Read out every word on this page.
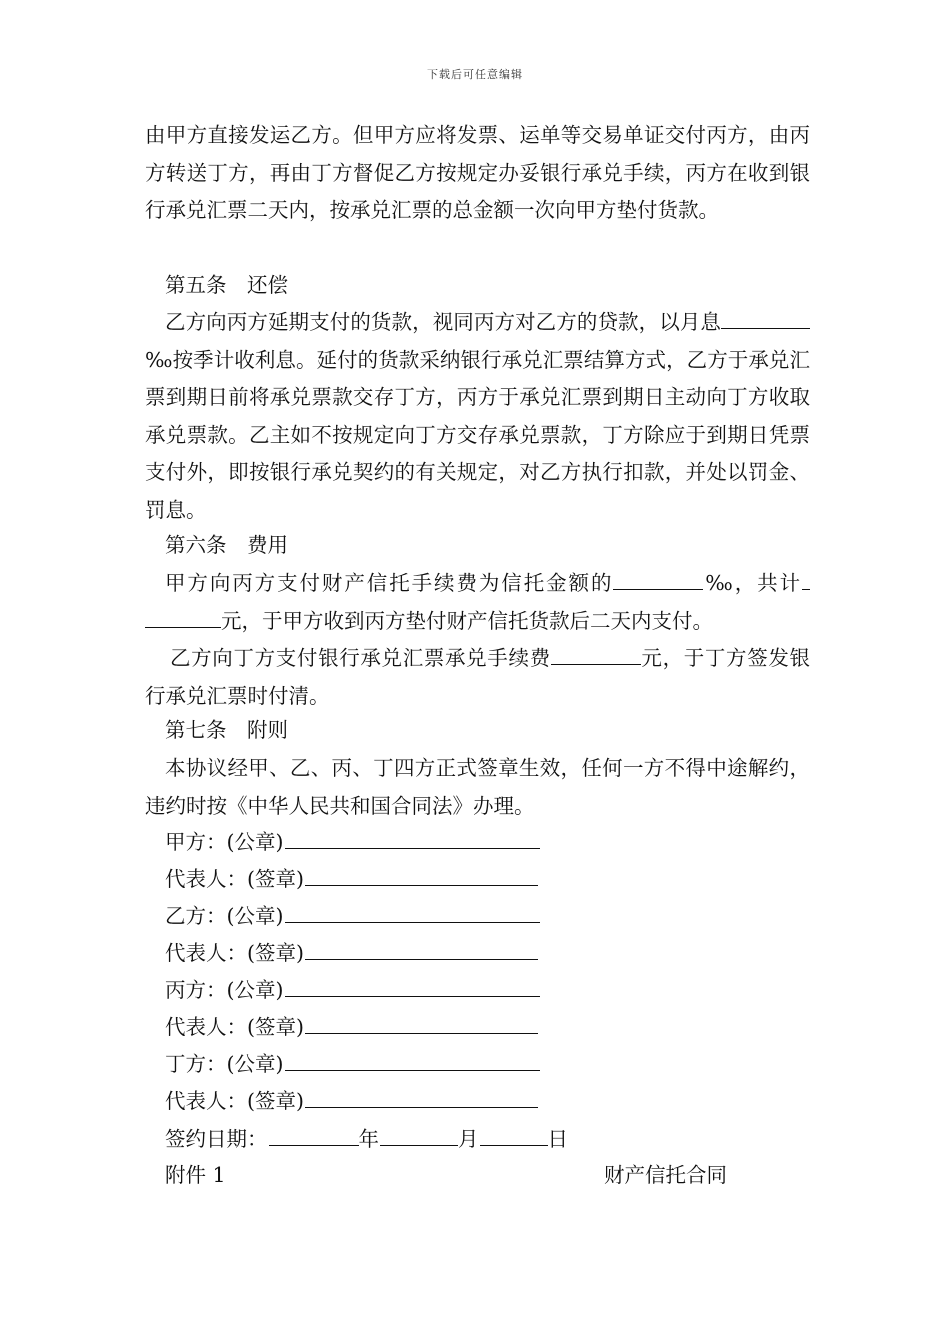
下载后可任意编辑

由甲方直接发运乙方。但甲方应将发票、运单等交易单证交付丙方，由丙方转送丁方，再由丁方督促乙方按规定办妥银行承兑手续，丙方在收到银行承兑汇票二天内，按承兑汇票的总金额一次向甲方垫付货款。

第五条　还偿

乙方向丙方延期支付的货款，视同丙方对乙方的贷款，以月息‰按季计收利息。延付的货款采纳银行承兑汇票结算方式，乙方于承兑汇票到期日前将承兑票款交存丁方，丙方于承兑汇票到期日主动向丁方收取承兑票款。乙主如不按规定向丁方交存承兑票款，丁方除应于到期日凭票支付外，即按银行承兑契约的有关规定，对乙方执行扣款，并处以罚金、罚息。

第六条　费用

甲方向丙方支付财产信托手续费为信托金额的	‰，共计元，于甲方收到丙方垫付财产信托货款后二天内支付。

乙方向丁方支付银行承兑汇票承兑手续费	元，于丁方签发银行承兑汇票时付清。

第七条　附则

本协议经甲、乙、丙、丁四方正式签章生效，任何一方不得中途解约，违约时按《中华人民共和国合同法》办理。

甲方：(公章)
代表人：(签章)
乙方：(公章)
代表人：(签章)
丙方：(公章)
代表人：(签章)
丁方：(公章)
代表人：(签章)
签约日期：	年	月	日
附件 1	财产信托合同
